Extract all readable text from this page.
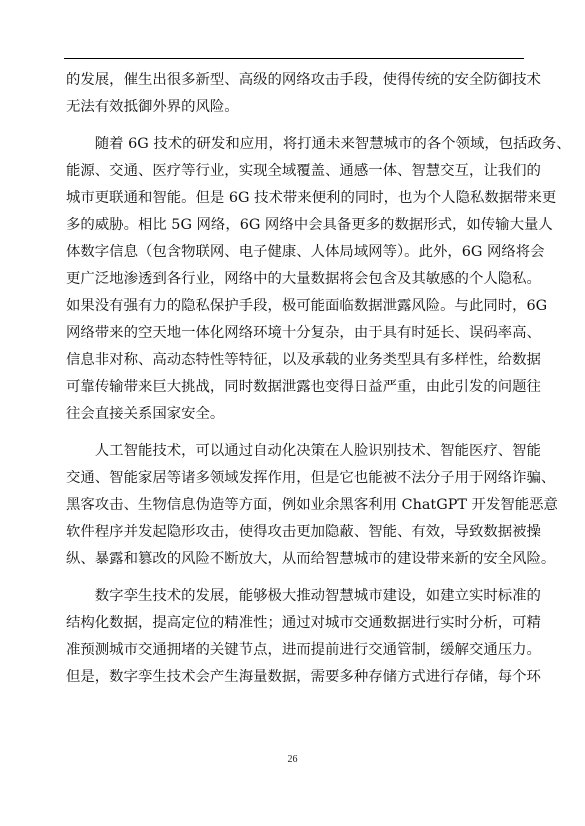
的发展，催生出很多新型、高级的网络攻击手段，使得传统的安全防御技术
无法有效抵御外界的风险。
　　随着 6G 技术的研发和应用，将打通未来智慧城市的各个领域，包括政务、
能源、交通、医疗等行业，实现全域覆盖、通感一体、智慧交互，让我们的
城市更联通和智能。但是 6G 技术带来便利的同时，也为个人隐私数据带来更
多的威胁。相比 5G 网络，6G 网络中会具备更多的数据形式，如传输大量人
体数字信息（包含物联网、电子健康、人体局域网等）。此外，6G 网络将会
更广泛地渗透到各行业，网络中的大量数据将会包含及其敏感的个人隐私。
如果没有强有力的隐私保护手段，极可能面临数据泄露风险。与此同时，6G
网络带来的空天地一体化网络环境十分复杂，由于具有时延长、误码率高、
信息非对称、高动态特性等特征，以及承载的业务类型具有多样性，给数据
可靠传输带来巨大挑战，同时数据泄露也变得日益严重，由此引发的问题往
往会直接关系国家安全。
　　人工智能技术，可以通过自动化决策在人脸识别技术、智能医疗、智能
交通、智能家居等诸多领域发挥作用，但是它也能被不法分子用于网络诈骗、
黑客攻击、生物信息伪造等方面，例如业余黑客利用 ChatGPT 开发智能恶意
软件程序并发起隐形攻击，使得攻击更加隐蔽、智能、有效，导致数据被操
纵、暴露和篡改的风险不断放大，从而给智慧城市的建设带来新的安全风险。
　　数字孪生技术的发展，能够极大推动智慧城市建设，如建立实时标准的
结构化数据，提高定位的精准性；通过对城市交通数据进行实时分析，可精
准预测城市交通拥堵的关键节点，进而提前进行交通管制，缓解交通压力。
但是，数字孪生技术会产生海量数据，需要多种存储方式进行存储，每个环
26
